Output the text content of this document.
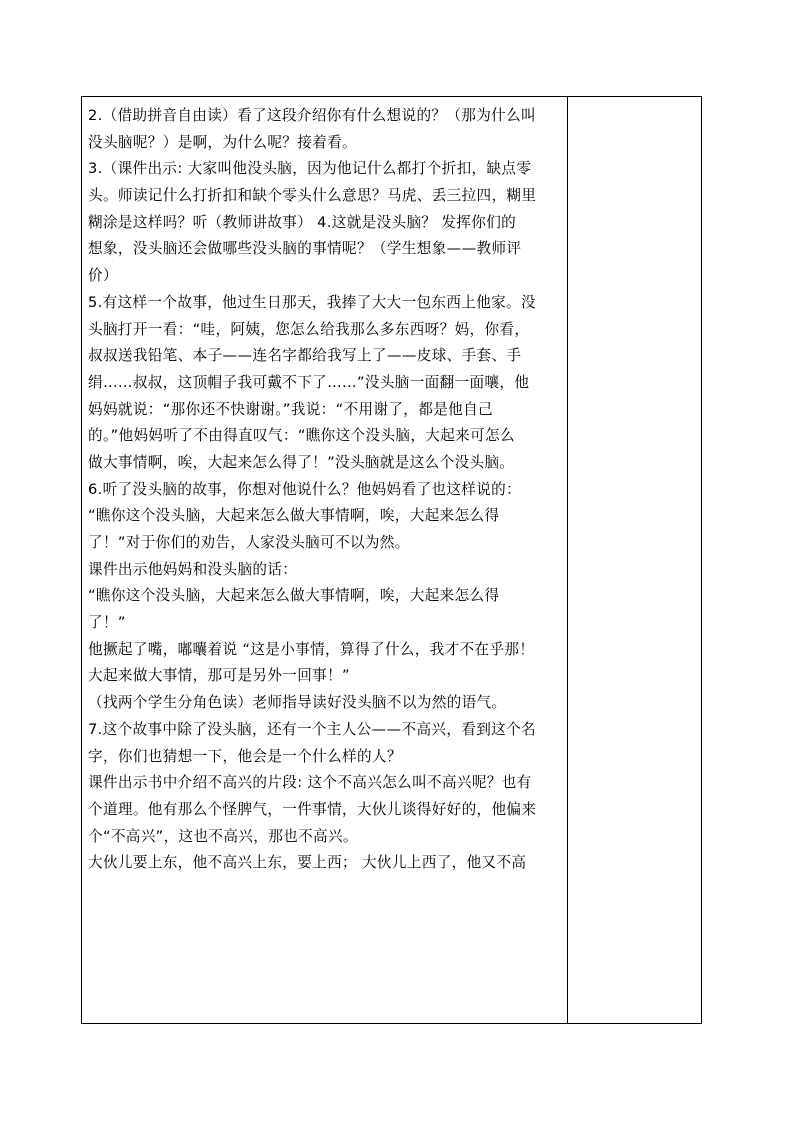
2.（借助拼音自由读）看了这段介绍你有什么想说的？（那为什么叫
没头脑呢？）是啊，为什么呢？接着看。
3.（课件出示: 大家叫他没头脑，因为他记什么都打个折扣，缺点零
头。师读记什么打折扣和缺个零头什么意思？马虎、丢三拉四，糊里
糊涂是这样吗？听（教师讲故事） 4.这就是没头脑？ 发挥你们的
想象，没头脑还会做哪些没头脑的事情呢？（学生想象——教师评
价）
5.有这样一个故事，他过生日那天，我捧了大大一包东西上他家。没
头脑打开一看：“哇，阿姨，您怎么给我那么多东西呀？妈，你看，
叔叔送我铅笔、本子——连名字都给我写上了——皮球、手套、手
绢……叔叔，这顶帽子我可戴不下了……”没头脑一面翻一面嚷，他
妈妈就说：“那你还不快谢谢。”我说：“不用谢了，都是他自己
的。”他妈妈听了不由得直叹气：“瞧你这个没头脑，大起来可怎么
做大事情啊，唉，大起来怎么得了！”没头脑就是这么个没头脑。
6.听了没头脑的故事，你想对他说什么？他妈妈看了也这样说的：
“瞧你这个没头脑，大起来怎么做大事情啊，唉，大起来怎么得
了！”对于你们的劝告，人家没头脑可不以为然。
课件出示他妈妈和没头脑的话：
“瞧你这个没头脑，大起来怎么做大事情啊，唉，大起来怎么得
了！”
他撅起了嘴，嘟囔着说 “这是小事情，算得了什么，我才不在乎那！
大起来做大事情，那可是另外一回事！”
（找两个学生分角色读）老师指导读好没头脑不以为然的语气。
7.这个故事中除了没头脑，还有一个主人公——不高兴，看到这个名
字，你们也猜想一下，他会是一个什么样的人？
课件出示书中介绍不高兴的片段: 这个不高兴怎么叫不高兴呢？也有
个道理。他有那么个怪脾气，一件事情，大伙儿谈得好好的，他偏来
个“不高兴”，这也不高兴，那也不高兴。
大伙儿要上东，他不高兴上东，要上西； 大伙儿上西了，他又不高
